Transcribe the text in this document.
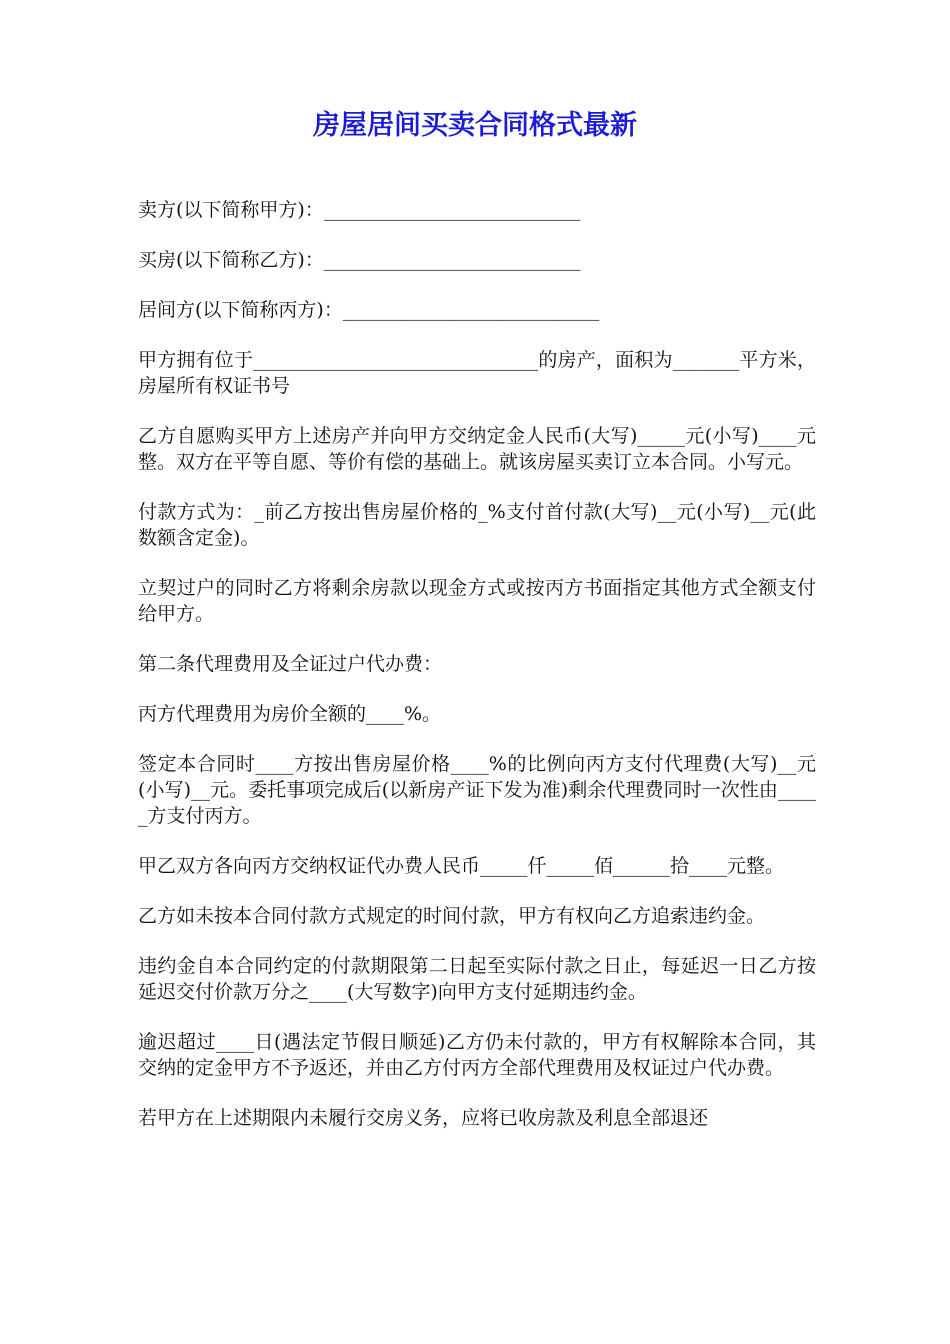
房屋居间买卖合同格式最新

卖方(以下简称甲方)：___________________________

买房(以下简称乙方)：___________________________

居间方(以下简称丙方)：___________________________

甲方拥有位于______________________________的房产，面积为_______平方米，房屋所有权证书号

乙方自愿购买甲方上述房产并向甲方交纳定金人民币(大写)_____元(小写)____元整。双方在平等自愿、等价有偿的基础上。就该房屋买卖订立本合同。小写元。

付款方式为：_前乙方按出售房屋价格的_%支付首付款(大写)__元(小写)__元(此数额含定金)。

立契过户的同时乙方将剩余房款以现金方式或按丙方书面指定其他方式全额支付给甲方。

第二条代理费用及全证过户代办费：

丙方代理费用为房价全额的____%。

签定本合同时____方按出售房屋价格____%的比例向丙方支付代理费(大写)__元(小写)__元。委托事项完成后(以新房产证下发为准)剩余代理费同时一次性由_____方支付丙方。

甲乙双方各向丙方交纳权证代办费人民币_____仟_____佰______拾____元整。

乙方如未按本合同付款方式规定的时间付款，甲方有权向乙方追索违约金。

违约金自本合同约定的付款期限第二日起至实际付款之日止，每延迟一日乙方按延迟交付价款万分之____(大写数字)向甲方支付延期违约金。

逾迟超过____日(遇法定节假日顺延)乙方仍未付款的，甲方有权解除本合同，其交纳的定金甲方不予返还，并由乙方付丙方全部代理费用及权证过户代办费。

若甲方在上述期限内未履行交房义务，应将已收房款及利息全部退还
